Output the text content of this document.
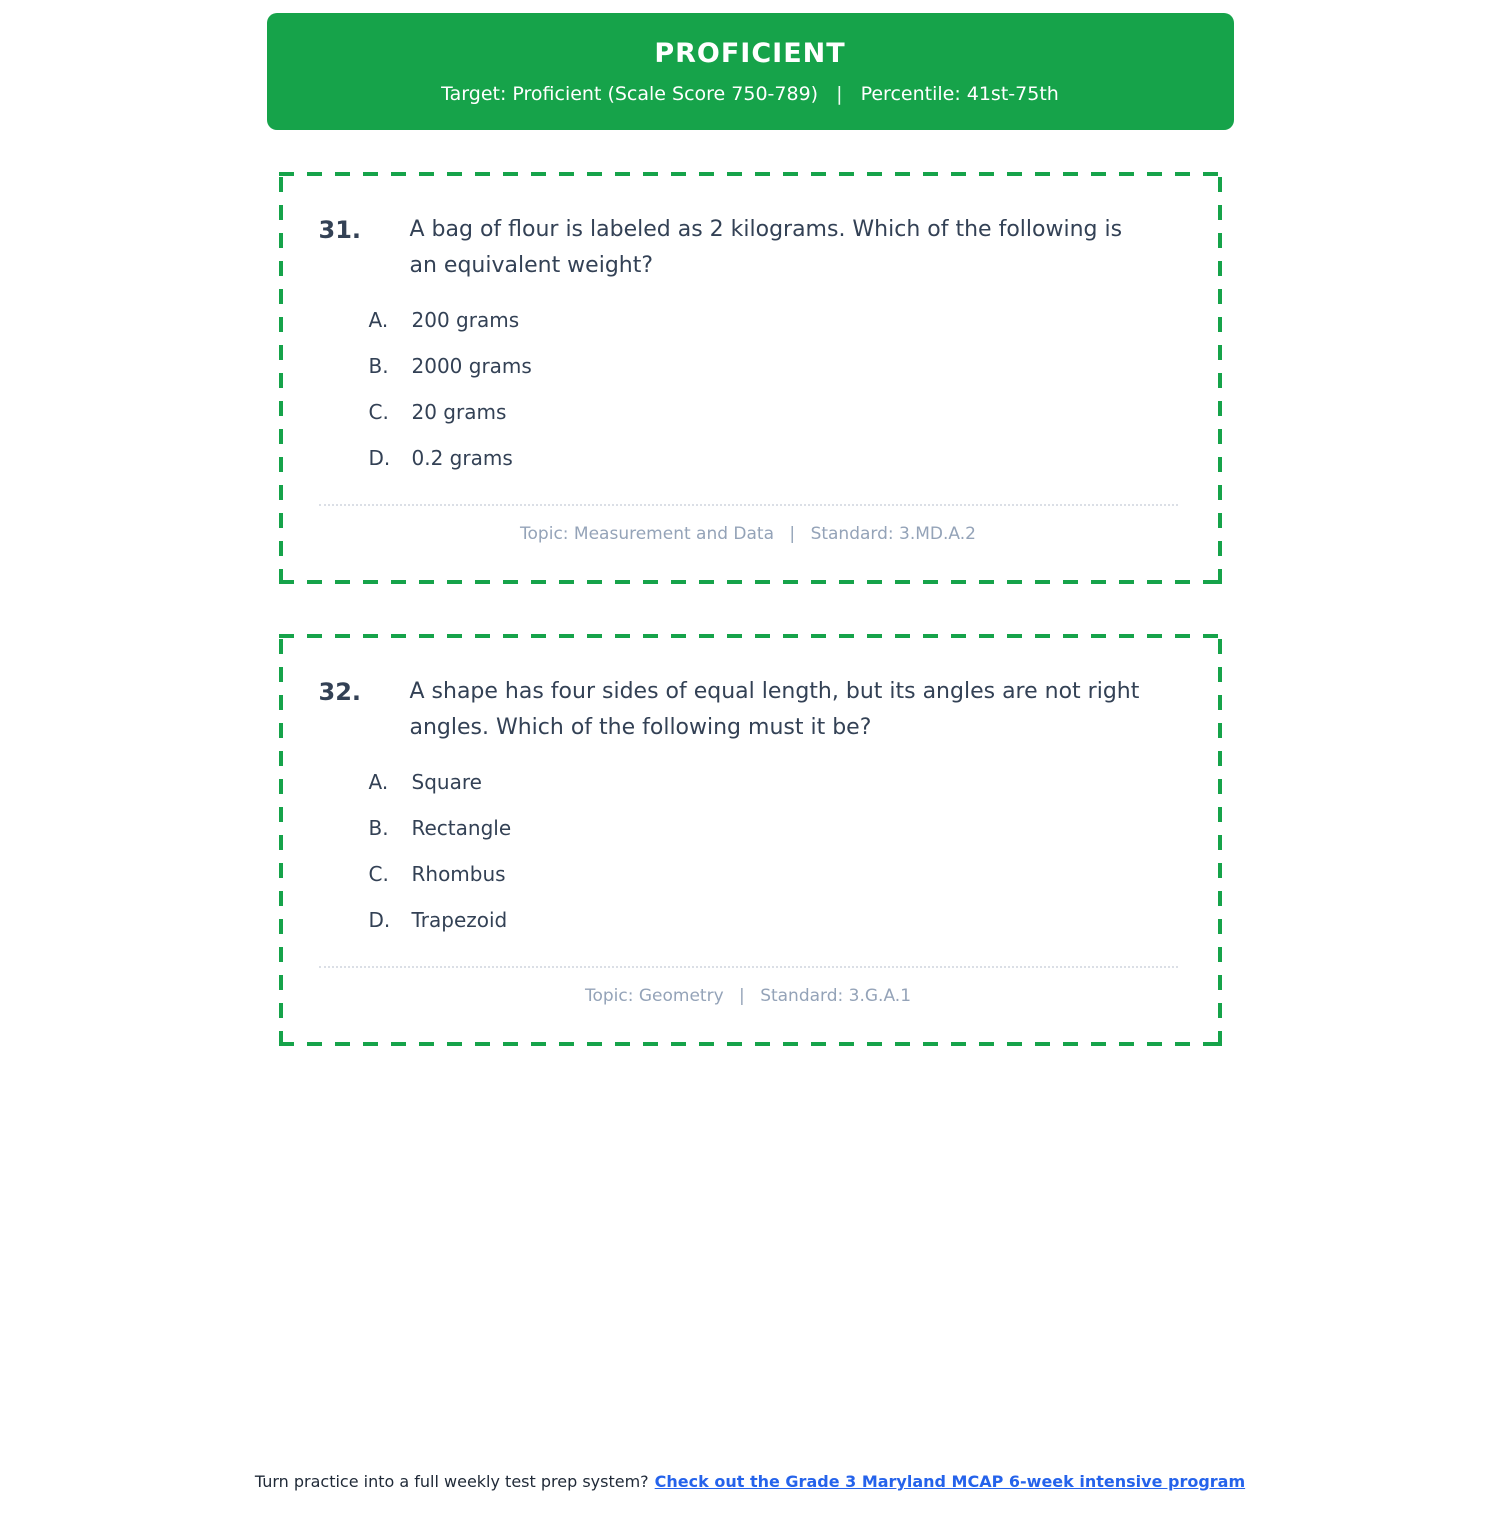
PROFICIENT
Target: Proficient (Scale Score 750-789) | Percentile: 41st-75th
31.	A bag of flour is labeled as 2 kilograms. Which of the following is
an equivalent weight?
A.	200 grams
B.	2000 grams
C.	20 grams
D.	0.2 grams
Topic: Measurement and Data | Standard: 3.MD.A.2
32.	A shape has four sides of equal length, but its angles are not right
angles. Which of the following must it be?
A.	Square
B.	Rectangle
C.	Rhombus
D.	Trapezoid
Topic: Geometry | Standard: 3.G.A.1
Turn practice into a full weekly test prep system? Check out the Grade 3 Maryland MCAP 6-week intensive program
